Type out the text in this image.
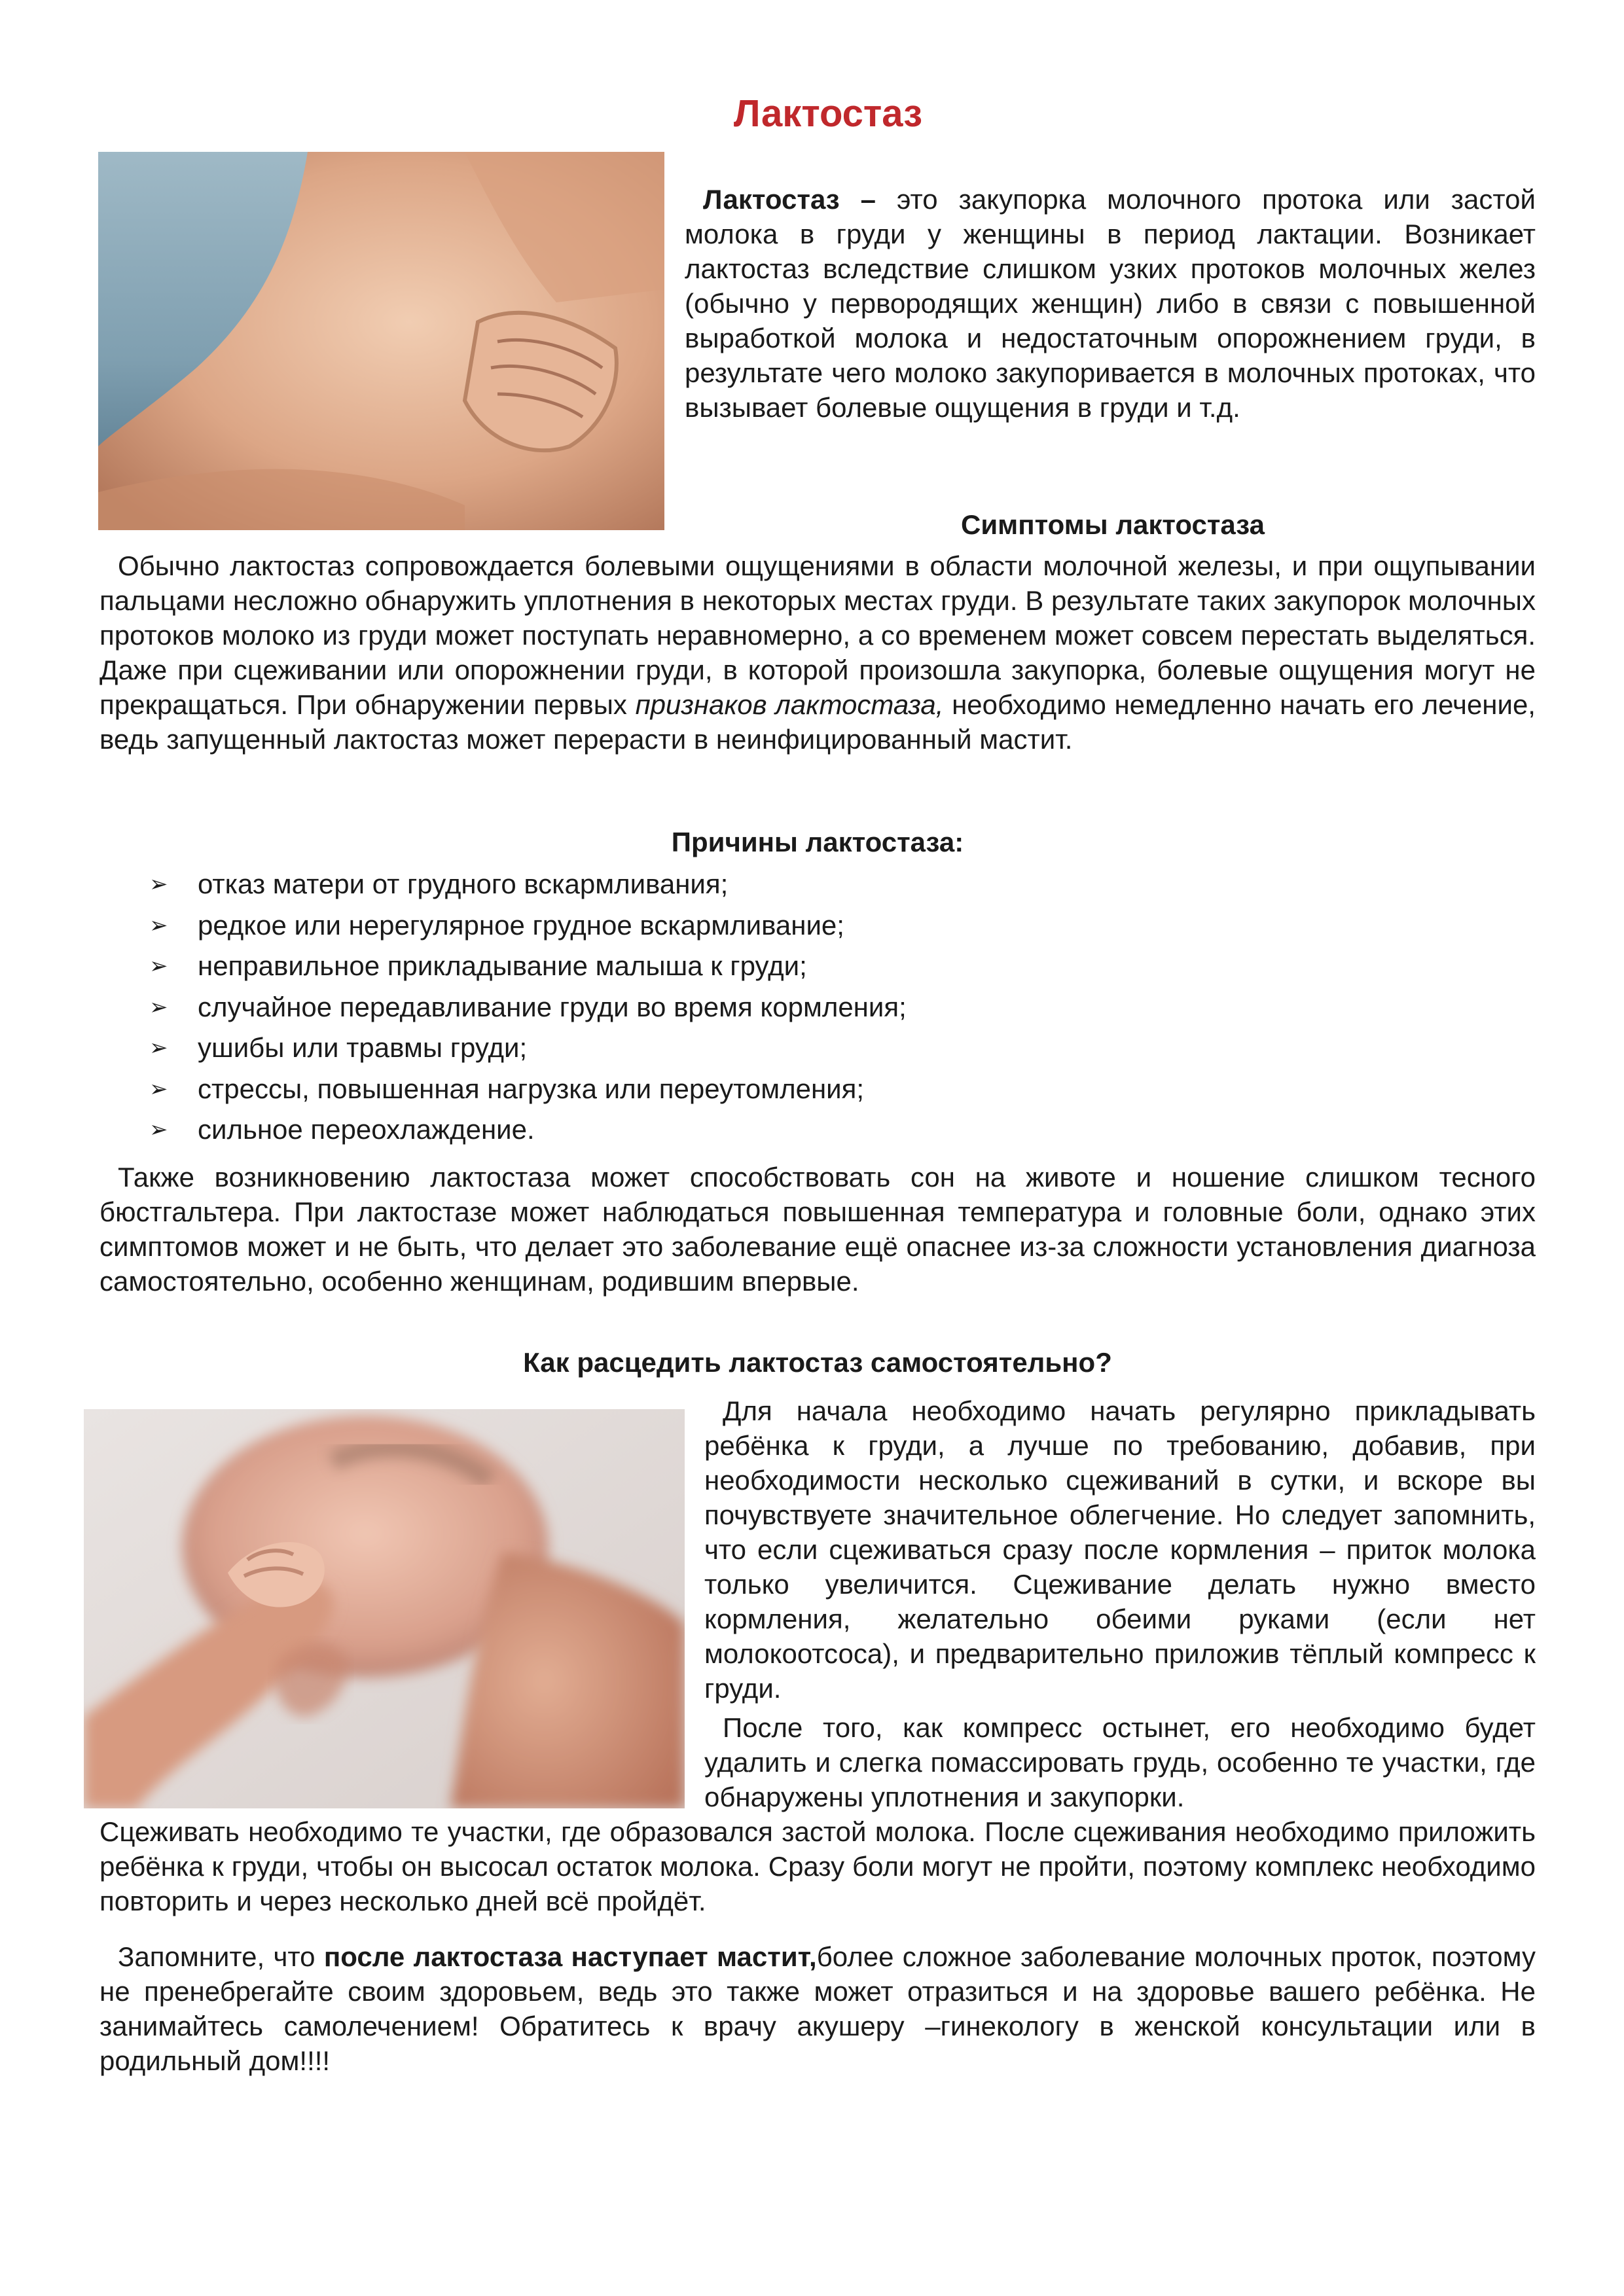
Лактостаз

Лактостаз – это закупорка молочного протока или застой молока в груди у женщины в период лактации. Возникает лактостаз вследствие слишком узких протоков молочных желез (обычно у первородящих женщин) либо в связи с повышенной выработкой молока и недостаточным опорожнением груди, в результате чего молоко закупоривается в молочных протоках, что вызывает болевые ощущения в груди и т.д.

Симптомы лактостаза

Обычно лактостаз сопровождается болевыми ощущениями в области молочной железы, и при ощупывании пальцами несложно обнаружить уплотнения в некоторых местах груди. В результате таких закупорок молочных протоков молоко из груди может поступать неравномерно, а со временем может совсем перестать выделяться. Даже при сцеживании или опорожнении груди, в которой произошла закупорка, болевые ощущения могут не прекращаться. При обнаружении первых признаков лактостаза, необходимо немедленно начать его лечение, ведь запущенный лактостаз может перерасти в неинфицированный мастит.

Причины лактостаза:
➢ отказ матери от грудного вскармливания;
➢ редкое или нерегулярное грудное вскармливание;
➢ неправильное прикладывание малыша к груди;
➢ случайное передавливание груди во время кормления;
➢ ушибы или травмы груди;
➢ стрессы, повышенная нагрузка или переутомления;
➢ сильное переохлаждение.

Также возникновению лактостаза может способствовать сон на животе и ношение слишком тесного бюстгальтера. При лактостазе может наблюдаться повышенная температура и головные боли, однако этих симптомов может и не быть, что делает это заболевание ещё опаснее из-за сложности установления диагноза самостоятельно, особенно женщинам, родившим впервые.

Как расцедить лактостаз самостоятельно?

Для начала необходимо начать регулярно прикладывать ребёнка к груди, а лучше по требованию, добавив, при необходимости несколько сцеживаний в сутки, и вскоре вы почувствуете значительное облегчение. Но следует запомнить, что если сцеживаться сразу после кормления – приток молока только увеличится. Сцеживание делать нужно вместо кормления, желательно обеими руками (если нет молокоотсоса), и предварительно приложив тёплый компресс к груди.

После того, как компресс остынет, его необходимо будет удалить и слегка помассировать грудь, особенно те участки, где обнаружены уплотнения и закупорки.
Сцеживать необходимо те участки, где образовался застой молока. После сцеживания необходимо приложить ребёнка к груди, чтобы он высосал остаток молока. Сразу боли могут не пройти, поэтому комплекс необходимо повторить и через несколько дней всё пройдёт.

Запомните, что после лактостаза наступает мастит,более сложное заболевание молочных проток, поэтому не пренебрегайте своим здоровьем, ведь это также может отразиться и на здоровье вашего ребёнка. Не занимайтесь самолечением! Обратитесь к врачу акушеру –гинекологу в женской консультации или в родильный дом!!!!
